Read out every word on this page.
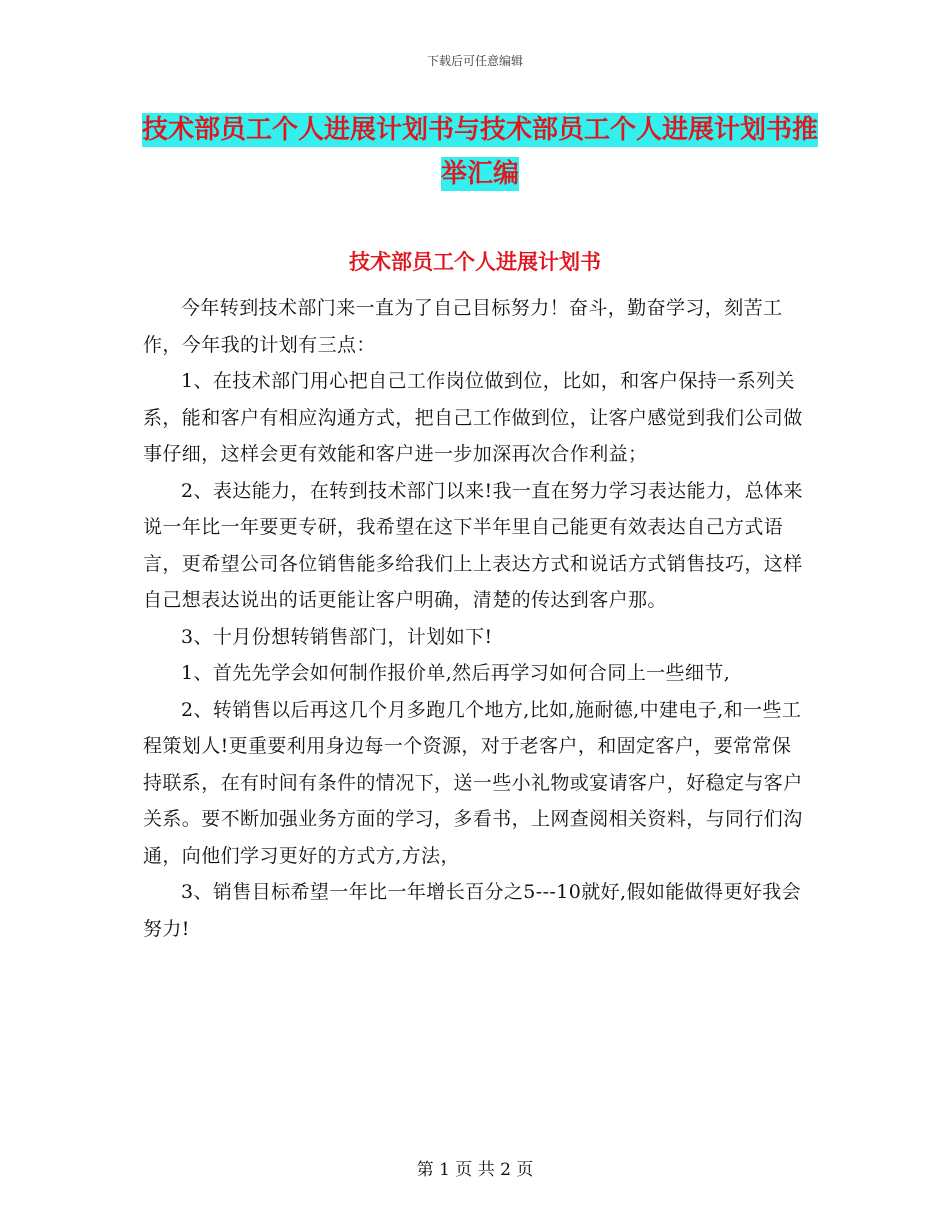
下载后可任意编辑
技术部员工个人进展计划书与技术部员工个人进展计划书推举汇编
技术部员工个人进展计划书

今年转到技术部门来一直为了自己目标努力！奋斗，勤奋学习，刻苦工作，今年我的计划有三点：

1、在技术部门用心把自己工作岗位做到位，比如，和客户保持一系列关系，能和客户有相应沟通方式，把自己工作做到位，让客户感觉到我们公司做事仔细，这样会更有效能和客户进一步加深再次合作利益；

2、表达能力，在转到技术部门以来!我一直在努力学习表达能力，总体来说一年比一年要更专研，我希望在这下半年里自己能更有效表达自己方式语言，更希望公司各位销售能多给我们上上表达方式和说话方式销售技巧，这样自己想表达说出的话更能让客户明确，清楚的传达到客户那。

3、十月份想转销售部门，计划如下!

1、首先先学会如何制作报价单,然后再学习如何合同上一些细节,

2、转销售以后再这几个月多跑几个地方,比如,施耐德,中建电子,和一些工程策划人!更重要利用身边每一个资源，对于老客户，和固定客户，要常常保持联系，在有时间有条件的情况下，送一些小礼物或宴请客户，好稳定与客户关系。要不断加强业务方面的学习，多看书，上网查阅相关资料，与同行们沟通，向他们学习更好的方式方,方法，

3、销售目标希望一年比一年增长百分之5---10就好,假如能做得更好我会努力!

第 1 页 共 2 页
